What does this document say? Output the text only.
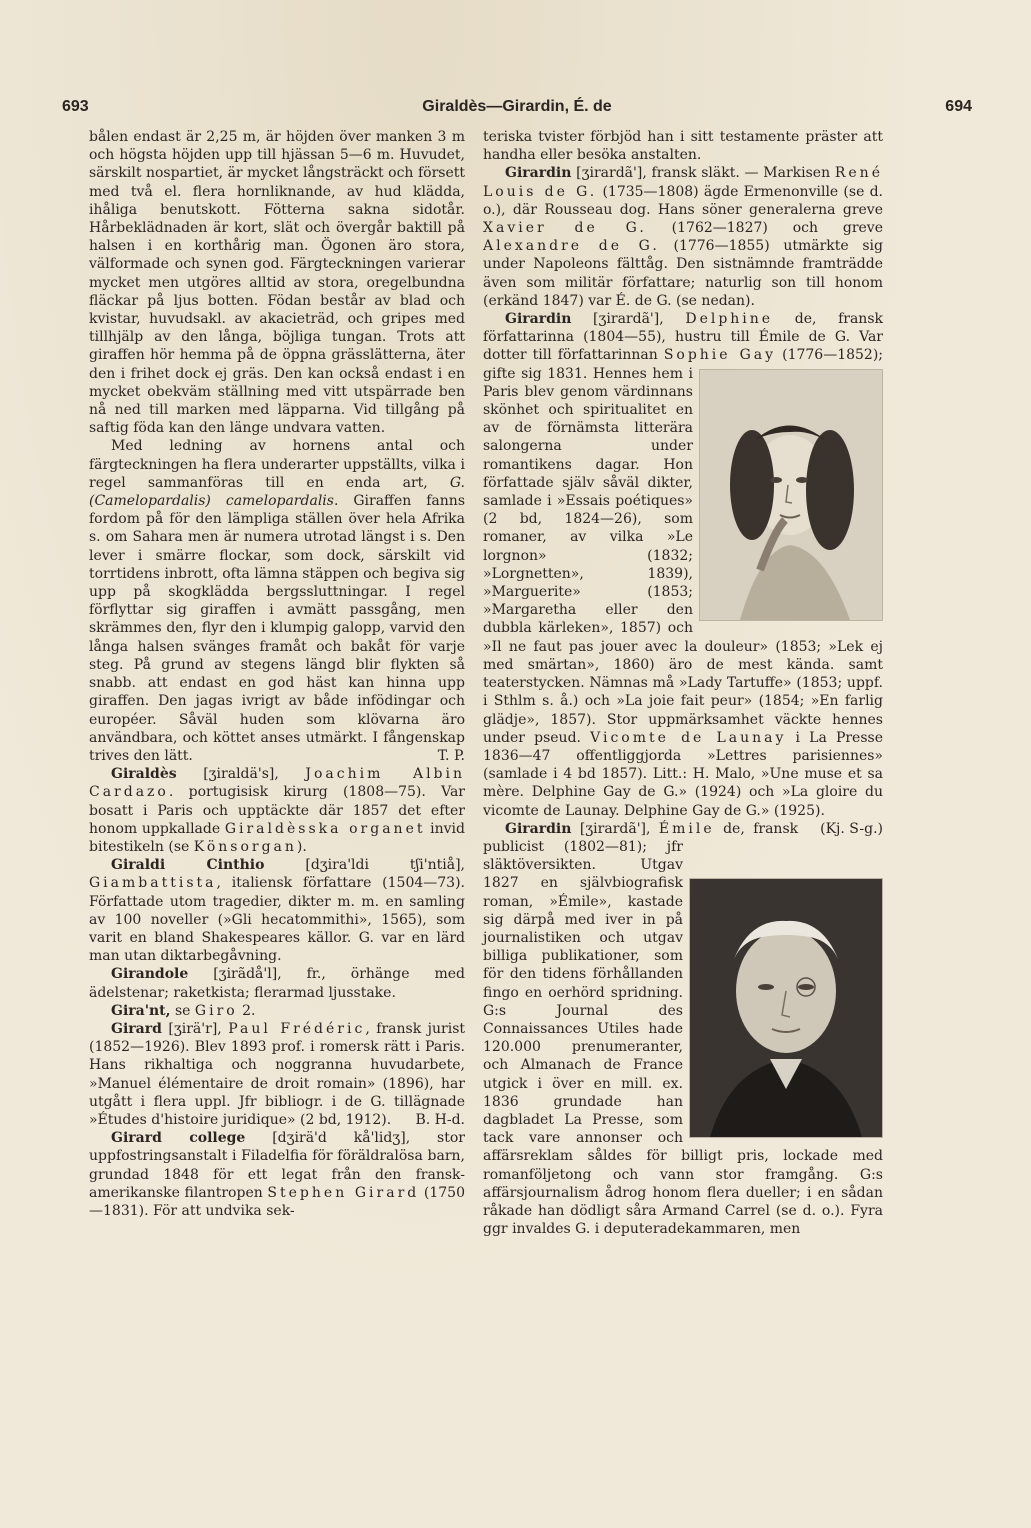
693	Giraldès—Girardin, É. de	694

bålen endast är 2,25 m, är höjden över manken 3 m och högsta höjden upp till hjässan 5—6 m. Huvudet, särskilt nospartiet, är mycket långsträckt och försett med två el. flera hornliknande, av hud klädda, ihåliga benutskott. Fötterna sakna sidotår. Hårbeklädnaden är kort, slät och övergår baktill på halsen i en korthårig man. Ögonen äro stora, välformade och synen god. Färgteckningen varierar mycket men utgöres alltid av stora, oregelbundna fläckar på ljus botten. Födan består av blad och kvistar, huvudsakl. av akacieträd, och gripes med tillhjälp av den långa, böjliga tungan. Trots att giraffen hör hemma på de öppna grässlätterna, äter den i frihet dock ej gräs. Den kan också endast i en mycket obekväm ställning med vitt utspärrade ben nå ned till marken med läpparna. Vid tillgång på saftig föda kan den länge undvara vatten.

Med ledning av hornens antal och färgteckningen ha flera underarter uppställts, vilka i regel sammanföras till en enda art, G. (Camelopardalis) camelopardalis. Giraffen fanns fordom på för den lämpliga ställen över hela Afrika s. om Sahara men är numera utrotad längst i s. Den lever i smärre flockar, som dock, särskilt vid torrtidens inbrott, ofta lämna stäppen och begiva sig upp på skogklädda bergssluttningar. I regel förflyttar sig giraffen i avmätt passgång, men skrämmes den, flyr den i klumpig galopp, varvid den långa halsen svänges framåt och bakåt för varje steg. På grund av stegens längd blir flykten så snabb. att endast en god häst kan hinna upp giraffen. Den jagas ivrigt av både infödingar och européer. Såväl huden som klövarna äro användbara, och köttet anses utmärkt. I fångenskap trives den lätt.	T. P.

Giraldès [ʒiraldä's], Joachim Albin Cardazo. portugisisk kirurg (1808—75). Var bosatt i Paris och upptäckte där 1857 det efter honom uppkallade Giraldèsska organet invid bitestikeln (se Könsorgan).

Giraldi Cinthio [dʒira'ldi tʃi'ntiå], Giambattista, italiensk författare (1504—73). Författade utom tragedier, dikter m. m. en samling av 100 noveller (»Gli hecatommithi», 1565), som varit en bland Shakespeares källor. G. var en lärd man utan diktarbegåvning.

Girandole [ʒirãdå'l], fr., örhänge med ädelstenar; raketkista; flerarmad ljusstake.

Gira'nt, se Giro 2.

Girard [ʒirä'r], Paul Frédéric, fransk jurist (1852—1926). Blev 1893 prof. i romersk rätt i Paris. Hans rikhaltiga och noggranna huvudarbete, »Manuel élémentaire de droit romain» (1896), har utgått i flera uppl. Jfr bibliogr. i de G. tillägnade »Études d'histoire juridique» (2 bd, 1912).	B. H-d.

Girard college [dʒirä'd kå'lidʒ], stor uppfostringsanstalt i Filadelfia för föräldralösa barn, grundad 1848 för ett legat från den fransk-amerikanske filantropen Stephen Girard (1750—1831). För att undvika sek-

teriska tvister förbjöd han i sitt testamente präster att handha eller besöka anstalten.

Girardin [ʒirardã'], fransk släkt. — Markisen René Louis de G. (1735—1808) ägde Ermenonville (se d. o.), där Rousseau dog. Hans söner generalerna greve Xavier de G. (1762—1827) och greve Alexandre de G. (1776—1855) utmärkte sig under Napoleons fälttåg. Den sistnämnde framträdde även som militär författare; naturlig son till honom (erkänd 1847) var É. de G. (se nedan).

Girardin [ʒirardã'], Delphine de, fransk författarinna (1804—55), hustru till Émile de G. Var dotter till författarinnan Sophie Gay
(1776—1852); gifte sig 1831. Hennes hem i Paris blev genom värdinnans skönhet och spiritualitet en av de förnämsta litterära salongerna under romantikens dagar. Hon författade själv såväl dikter, samlade i »Essais poétiques» (2 bd, 1824—26), som romaner, av vilka »Le lorgnon» (1832; »Lorgnetten», 1839), »Marguerite» (1853; »Margaretha eller den dubbla kärleken», 1857) och »Il ne faut pas jouer avec la douleur» (1853; »Lek ej med smärtan», 1860) äro de mest kända. samt teaterstycken. Nämnas må »Lady Tartuffe» (1853; uppf. i Sthlm s. å.) och »La joie fait peur» (1854; »En farlig glädje», 1857). Stor uppmärksamhet väckte hennes under pseud. Vicomte de Launay i La Presse 1836—47 offentliggjorda »Lettres parisiennes» (samlade i 4 bd 1857). Litt.: H. Malo, »Une muse et sa mère. Delphine Gay de G.» (1924) och »La gloire du vicomte de Launay. Delphine Gay de G.» (1925).
(Kj. S-g.)

Girardin [ʒirardã'], Émile
de, fransk publicist (1802—81); jfr släktöversikten. Utgav 1827 en självbiografisk roman, »Émile», kastade sig därpå med iver in på journalistiken och utgav billiga publikationer, som för den tidens förhållanden fingo en oerhörd spridning. G:s Journal des Connaissances Utiles hade 120.000 prenumeranter, och Almanach de France utgick i över en mill. ex. 1836 grundade han dagbladet La Presse, som tack vare annonser och affärsreklam såldes för billigt pris, lockade med romanföljetong och vann stor framgång. G:s affärsjournalism ådrog honom flera dueller; i en sådan råkade han dödligt såra Armand Carrel (se d. o.). Fyra ggr invaldes G. i deputeradekammaren, men
